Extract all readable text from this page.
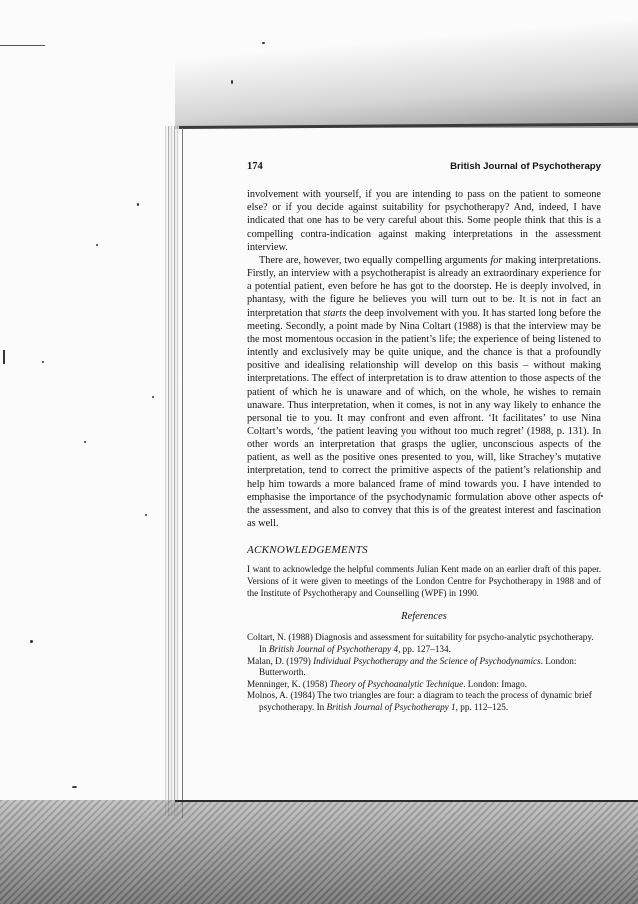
174	British Journal of Psychotherapy

involvement with yourself, if you are intending to pass on the patient to someone else? or if you decide against suitability for psychotherapy? And, indeed, I have indicated that one has to be very careful about this. Some people think that this is a compelling contra-indication against making interpretations in the assessment interview.

There are, however, two equally compelling arguments for making interpretations. Firstly, an interview with a psychotherapist is already an extraordinary experience for a potential patient, even before he has got to the doorstep. He is deeply involved, in phantasy, with the figure he believes you will turn out to be. It is not in fact an interpretation that starts the deep involvement with you. It has started long before the meeting. Secondly, a point made by Nina Coltart (1988) is that the interview may be the most momentous occasion in the patient’s life; the experience of being listened to intently and exclusively may be quite unique, and the chance is that a profoundly positive and idealising relationship will develop on this basis – without making interpretations. The effect of interpretation is to draw attention to those aspects of the patient of which he is unaware and of which, on the whole, he wishes to remain unaware. Thus interpretation, when it comes, is not in any way likely to enhance the personal tie to you. It may confront and even affront. ‘It facilitates’ to use Nina Coltart’s words, ‘the patient leaving you without too much regret’ (1988, p. 131). In other words an interpretation that grasps the uglier, unconscious aspects of the patient, as well as the positive ones presented to you, will, like Strachey’s mutative interpretation, tend to correct the primitive aspects of the patient’s relationship and help him towards a more balanced frame of mind towards you. I have intended to emphasise the importance of the psychodynamic formulation above other aspects of the assessment, and also to convey that this is of the greatest interest and fascination as well.

ACKNOWLEDGEMENTS

I want to acknowledge the helpful comments Julian Kent made on an earlier draft of this paper. Versions of it were given to meetings of the London Centre for Psychotherapy in 1988 and of the Institute of Psychotherapy and Counselling (WPF) in 1990.

References

Coltart, N. (1988) Diagnosis and assessment for suitability for psycho-analytic psychotherapy. In British Journal of Psychotherapy 4, pp. 127–134.

Malan, D. (1979) Individual Psychotherapy and the Science of Psychodynamics. London: Butterworth.

Menninger, K. (1958) Theory of Psychoanalytic Technique. London: Imago.

Molnos, A. (1984) The two triangles are four: a diagram to teach the process of dynamic brief psychotherapy. In British Journal of Psychotherapy 1, pp. 112–125.
